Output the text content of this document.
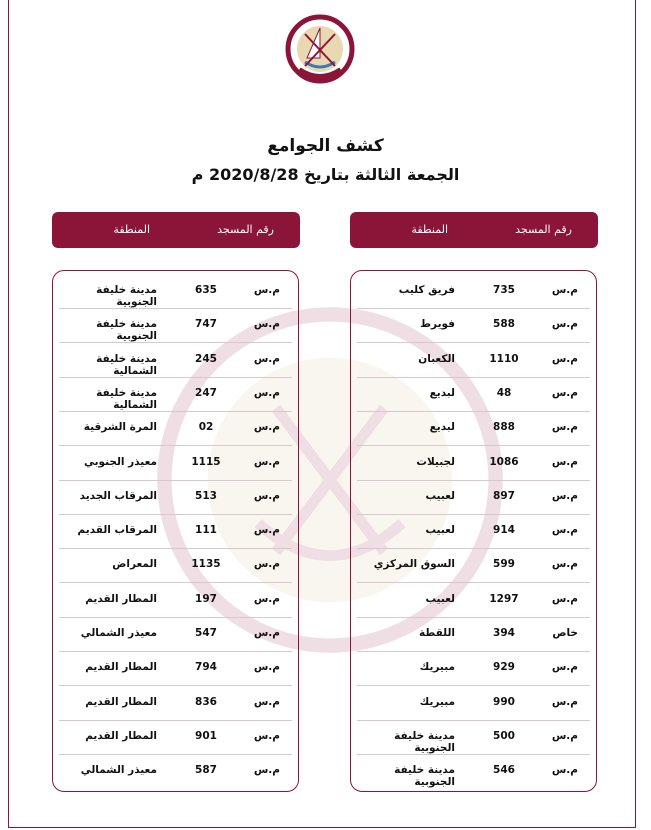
كشف الجوامع
الجمعة الثالثة بتاريخ 2020/8/28 م
رقم المسجد
المنطقة
رقم المسجد
المنطقة
م.س
735
فريق كليب
م.س
588
فويرط
م.س
1110
الكعبان
م.س
48
لبديع
م.س
888
لبديع
م.س
1086
لجبيلات
م.س
897
لعبيب
م.س
914
لعبيب
م.س
599
السوق المركزي
م.س
1297
لعبيب
خاص
394
اللقطة
م.س
929
مبيريك
م.س
990
مبيريك
م.س
500
مدينة خليفة الجنوبية
م.س
546
مدينة خليفة الجنوبية
م.س
635
مدينة خليفة الجنوبية
م.س
747
مدينة خليفة الجنوبية
م.س
245
مدينة خليفة الشمالية
م.س
247
مدينة خليفة الشمالية
م.س
02
المرة الشرقية
م.س
1115
معيذر الجنوبي
م.س
513
المرقاب الجديد
م.س
111
المرقاب القديم
م.س
1135
المعراض
م.س
197
المطار القديم
م.س
547
معيذر الشمالي
م.س
794
المطار القديم
م.س
836
المطار القديم
م.س
901
المطار القديم
م.س
587
معيذر الشمالي
